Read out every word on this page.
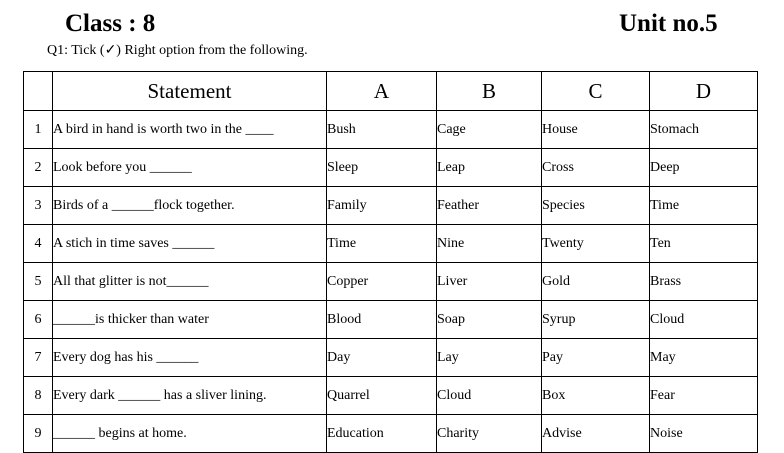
Class : 8	Unit no.5
Q1: Tick (✓) Right option from the following.
	Statement	A	B	C	D
1	A bird in hand is worth two in the ____	Bush	Cage	House	Stomach
2	Look before you ______	Sleep	Leap	Cross	Deep
3	Birds of a ______flock together.	Family	Feather	Species	Time
4	A stich in time saves ______	Time	Nine	Twenty	Ten
5	All that glitter is not______	Copper	Liver	Gold	Brass
6	______is thicker than water	Blood	Soap	Syrup	Cloud
7	Every dog has his ______	Day	Lay	Pay	May
8	Every dark ______ has a sliver lining.	Quarrel	Cloud	Box	Fear
9	______ begins at home.	Education	Charity	Advise	Noise
